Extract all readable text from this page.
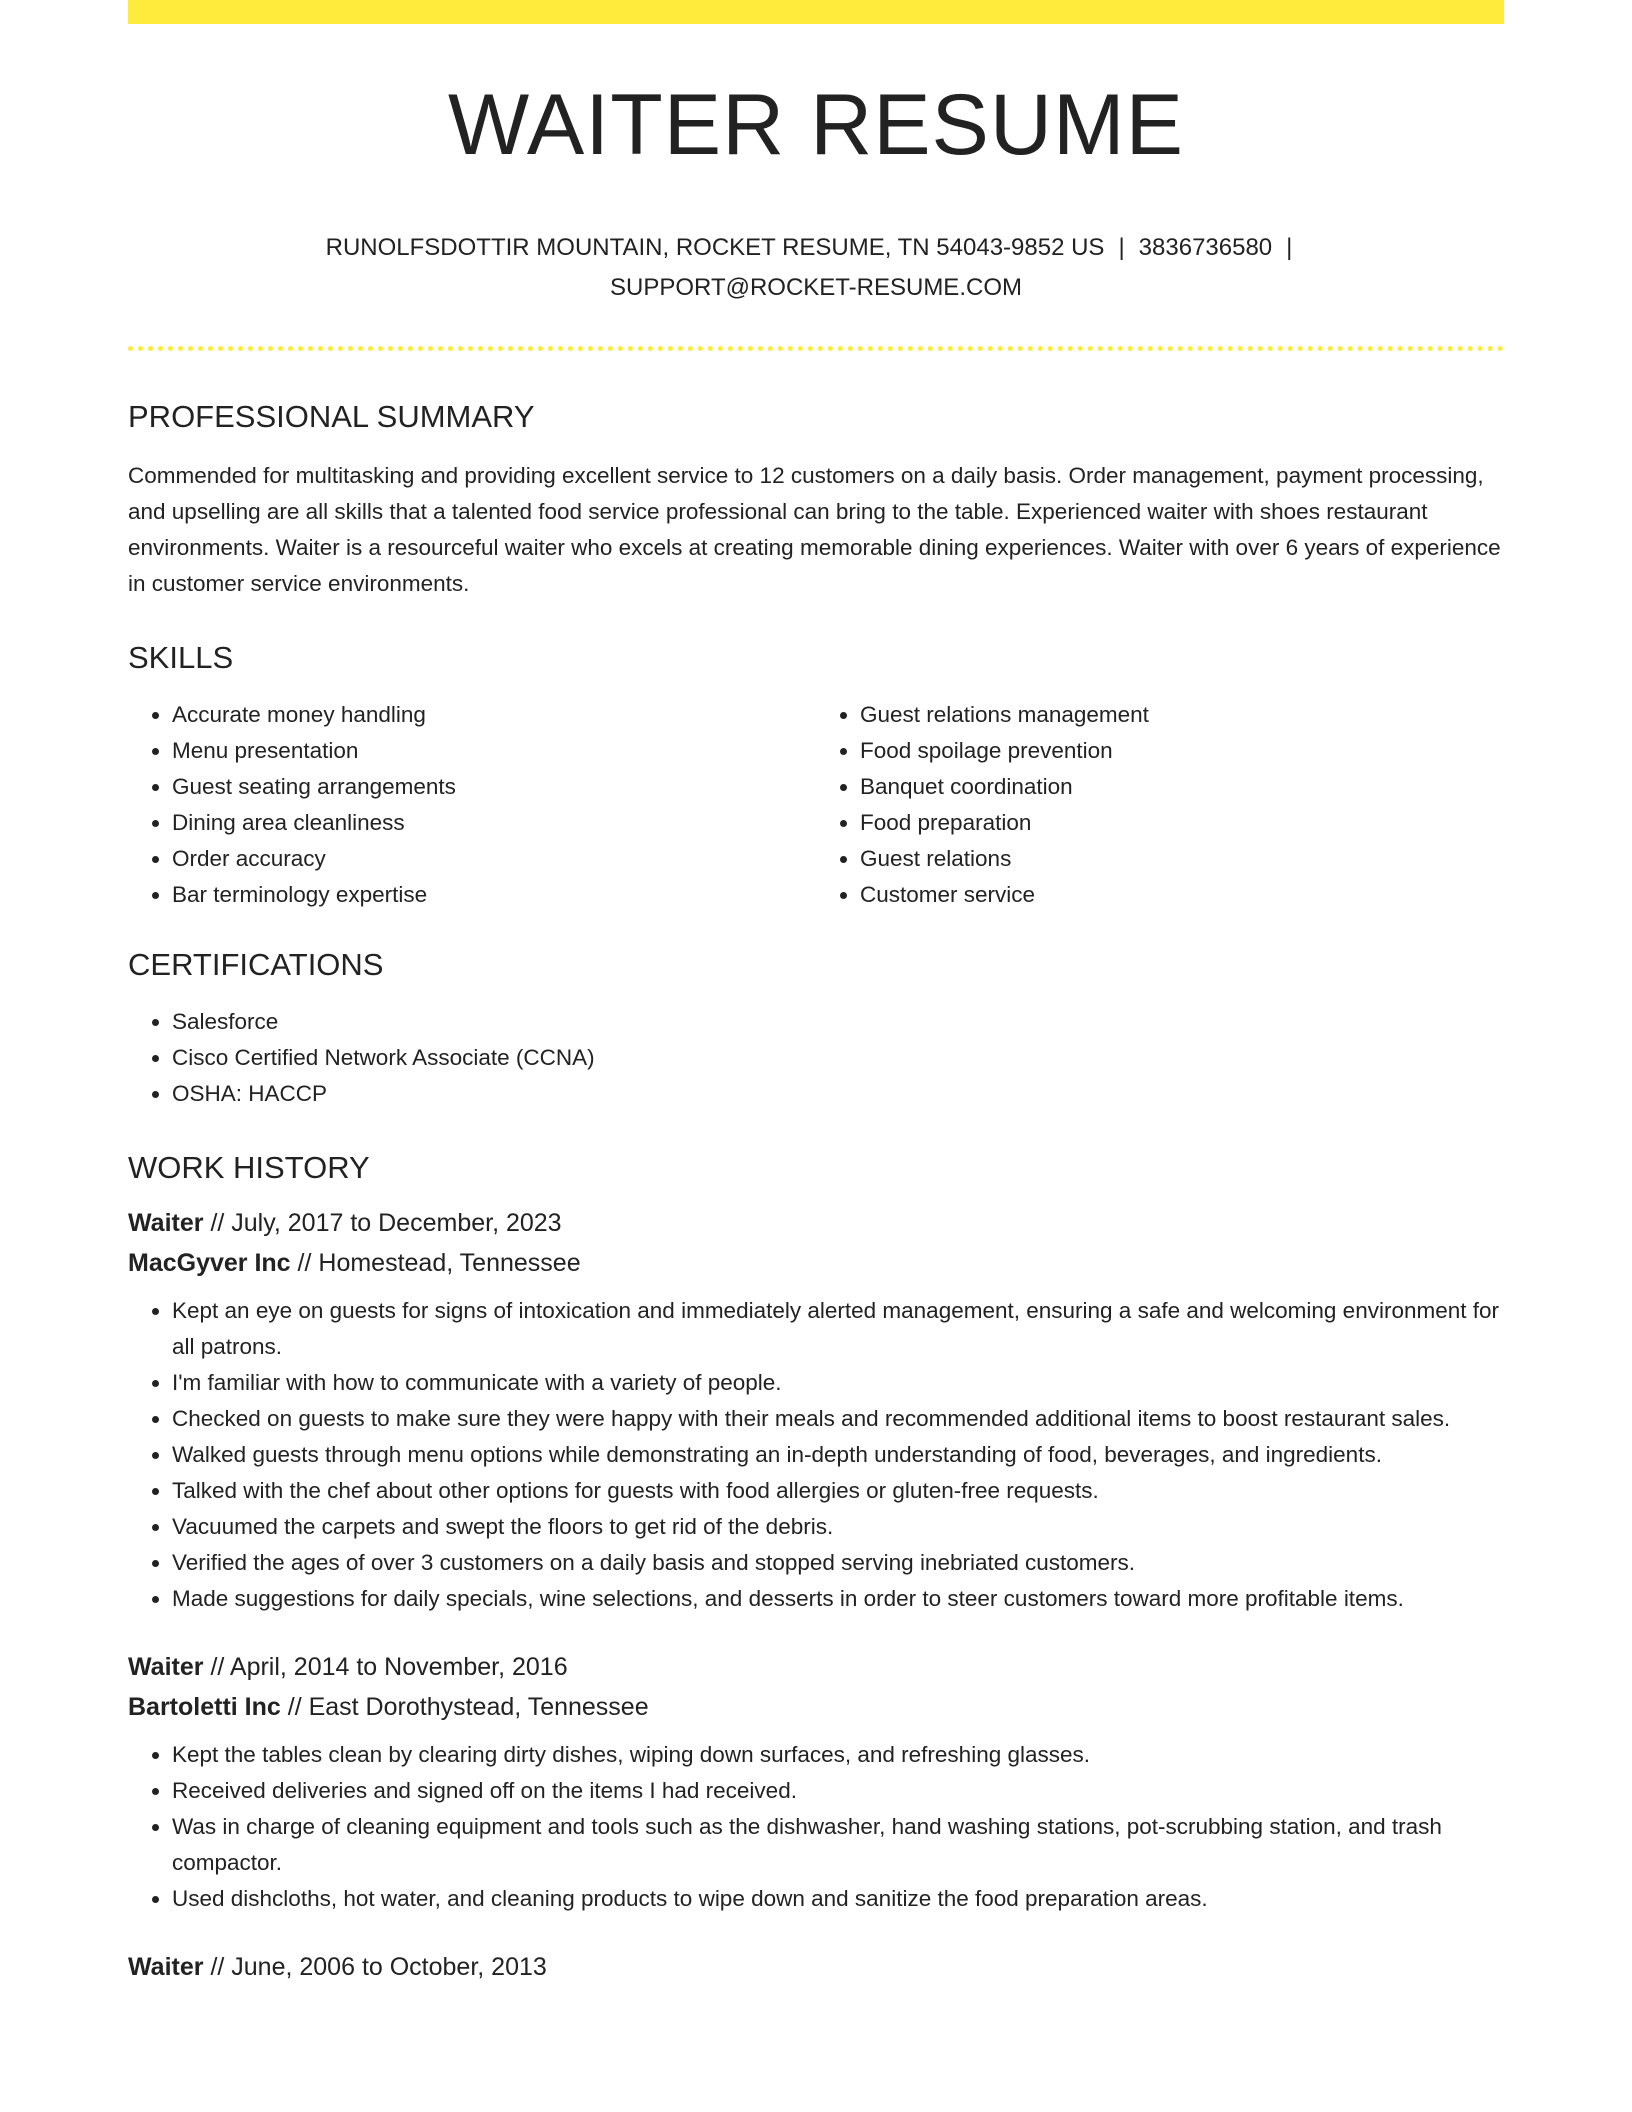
WAITER RESUME
RUNOLFSDOTTIR MOUNTAIN, ROCKET RESUME, TN 54043-9852 US | 3836736580 |
SUPPORT@ROCKET-RESUME.COM
PROFESSIONAL SUMMARY

Commended for multitasking and providing excellent service to 12 customers on a daily basis. Order management, payment processing, and upselling are all skills that a talented food service professional can bring to the table. Experienced waiter with shoes restaurant environments. Waiter is a resourceful waiter who excels at creating memorable dining experiences. Waiter with over 6 years of experience in customer service environments.

SKILLS
• Accurate money handling
• Menu presentation
• Guest seating arrangements
• Dining area cleanliness
• Order accuracy
• Bar terminology expertise
• Guest relations management
• Food spoilage prevention
• Banquet coordination
• Food preparation
• Guest relations
• Customer service
CERTIFICATIONS
• Salesforce
• Cisco Certified Network Associate (CCNA)
• OSHA: HACCP
WORK HISTORY
Waiter // July, 2017 to December, 2023
MacGyver Inc // Homestead, Tennessee
• Kept an eye on guests for signs of intoxication and immediately alerted management, ensuring a safe and welcoming environment for all patrons.
• I'm familiar with how to communicate with a variety of people.
• Checked on guests to make sure they were happy with their meals and recommended additional items to boost restaurant sales.
• Walked guests through menu options while demonstrating an in-depth understanding of food, beverages, and ingredients.
• Talked with the chef about other options for guests with food allergies or gluten-free requests.
• Vacuumed the carpets and swept the floors to get rid of the debris.
• Verified the ages of over 3 customers on a daily basis and stopped serving inebriated customers.
• Made suggestions for daily specials, wine selections, and desserts in order to steer customers toward more profitable items.
Waiter // April, 2014 to November, 2016
Bartoletti Inc // East Dorothystead, Tennessee
• Kept the tables clean by clearing dirty dishes, wiping down surfaces, and refreshing glasses.
• Received deliveries and signed off on the items I had received.
• Was in charge of cleaning equipment and tools such as the dishwasher, hand washing stations, pot-scrubbing station, and trash compactor.
• Used dishcloths, hot water, and cleaning products to wipe down and sanitize the food preparation areas.
Waiter // June, 2006 to October, 2013
